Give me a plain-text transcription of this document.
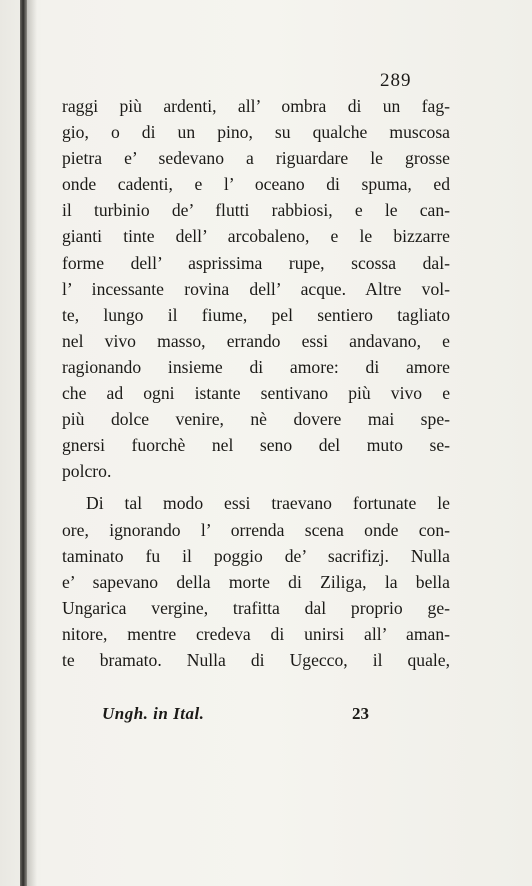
289
raggi più ardenti, all’ ombra di un fag-
gio, o di un pino, su qualche muscosa
pietra e’ sedevano a riguardare le grosse
onde cadenti, e l’ oceano di spuma, ed
il turbinio de’ flutti rabbiosi, e le can-
gianti tinte dell’ arcobaleno, e le bizzarre
forme dell’ asprissima rupe, scossa dal-
l’ incessante rovina dell’ acque. Altre vol-
te, lungo il fiume, pel sentiero tagliato
nel vivo masso, errando essi andavano, e
ragionando insieme di amore: di amore
che ad ogni istante sentivano più vivo e
più dolce venire, nè dovere mai spe-
gnersi fuorchè nel seno del muto se-
polcro.
Di tal modo essi traevano fortunate le
ore, ignorando l’ orrenda scena onde con-
taminato fu il poggio de’ sacrifizj. Nulla
e’ sapevano della morte di Ziliga, la bella
Ungarica vergine, trafitta dal proprio ge-
nitore, mentre credeva di unirsi all’ aman-
te bramato. Nulla di Ugecco, il quale,
Ungh. in Ital.	23
